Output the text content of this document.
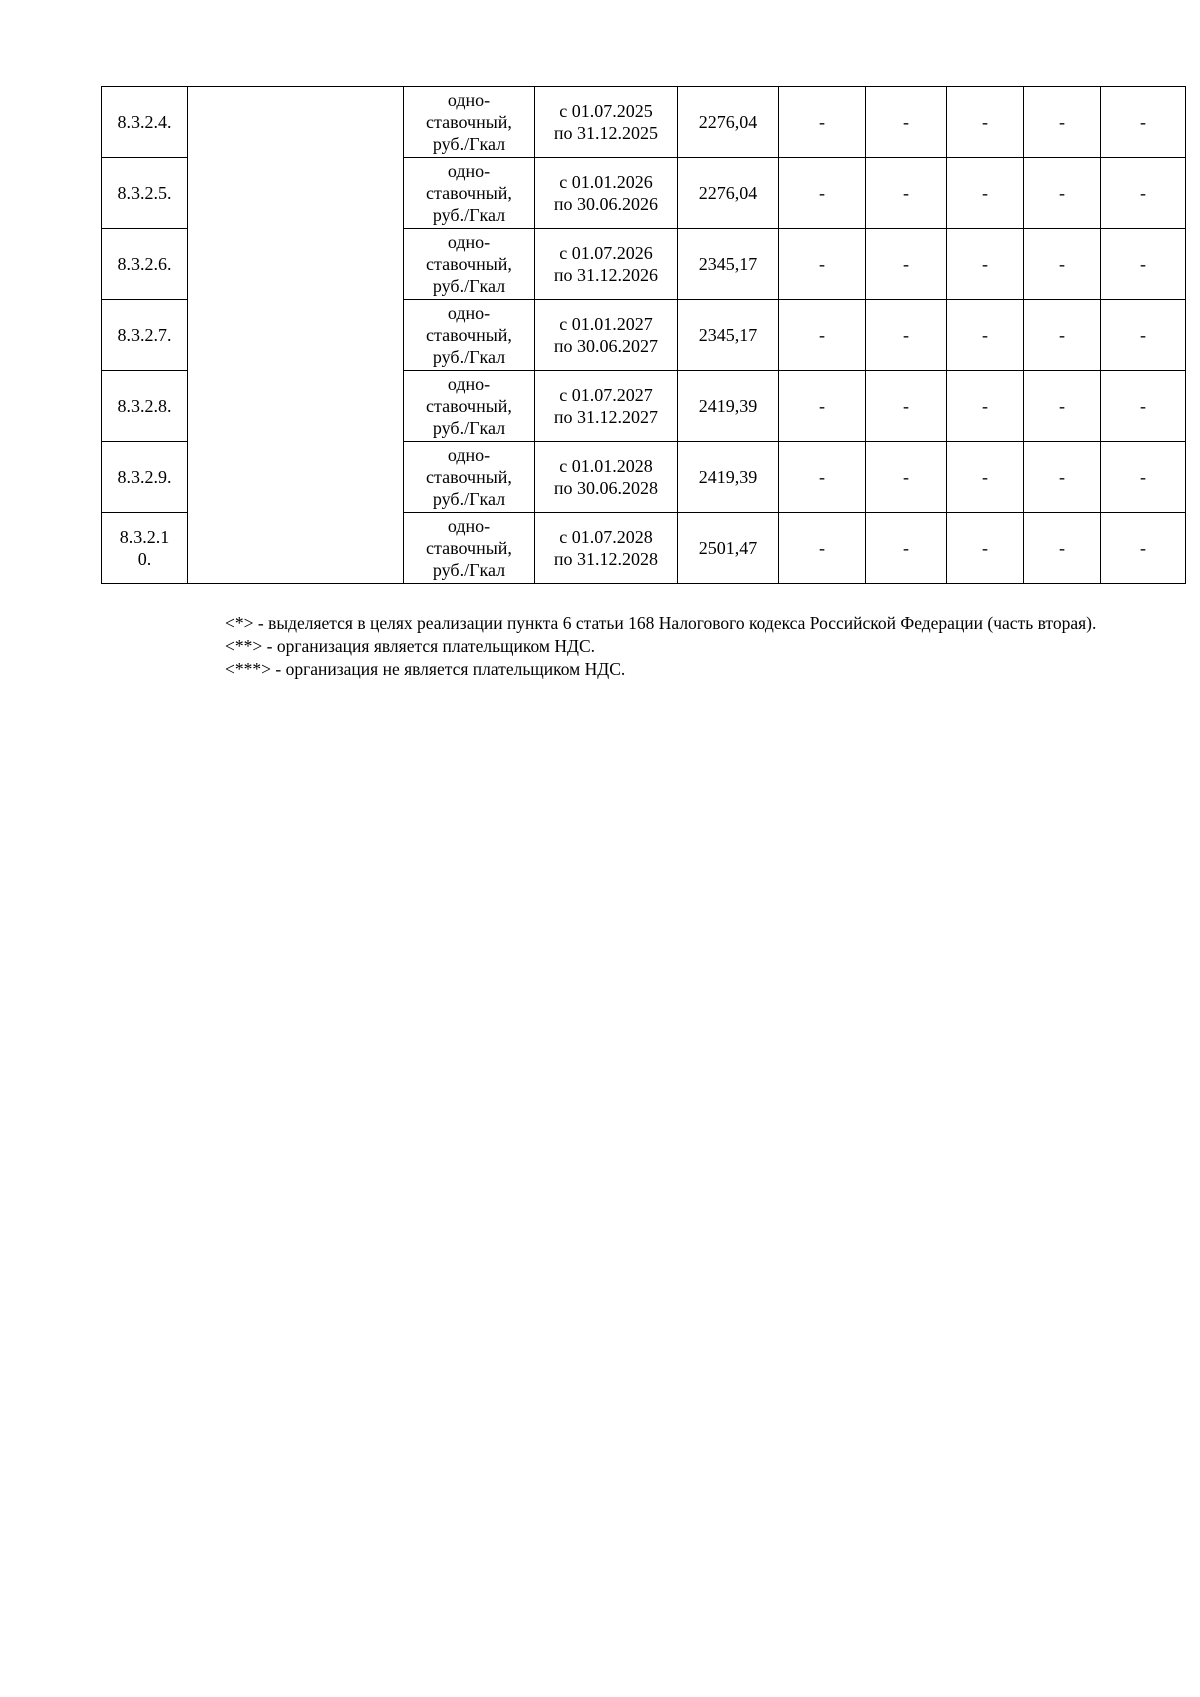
8.3.2.4.		одно-
ставочный,
руб./Гкал	с 01.07.2025
по 31.12.2025	2276,04	-	-	-	-	-
8.3.2.5.		одно-
ставочный,
руб./Гкал	с 01.01.2026
по 30.06.2026	2276,04	-	-	-	-	-
8.3.2.6.		одно-
ставочный,
руб./Гкал	с 01.07.2026
по 31.12.2026	2345,17	-	-	-	-	-
8.3.2.7.		одно-
ставочный,
руб./Гкал	с 01.01.2027
по 30.06.2027	2345,17	-	-	-	-	-
8.3.2.8.		одно-
ставочный,
руб./Гкал	с 01.07.2027
по 31.12.2027	2419,39	-	-	-	-	-
8.3.2.9.		одно-
ставочный,
руб./Гкал	с 01.01.2028
по 30.06.2028	2419,39	-	-	-	-	-
8.3.2.1
0.		одно-
ставочный,
руб./Гкал	с 01.07.2028
по 31.12.2028	2501,47	-	-	-	-	-

<*> - выделяется в целях реализации пункта 6 статьи 168 Налогового кодекса Российской Федерации (часть вторая).

<**> - организация является плательщиком НДС.

<***> - организация не является плательщиком НДС.
